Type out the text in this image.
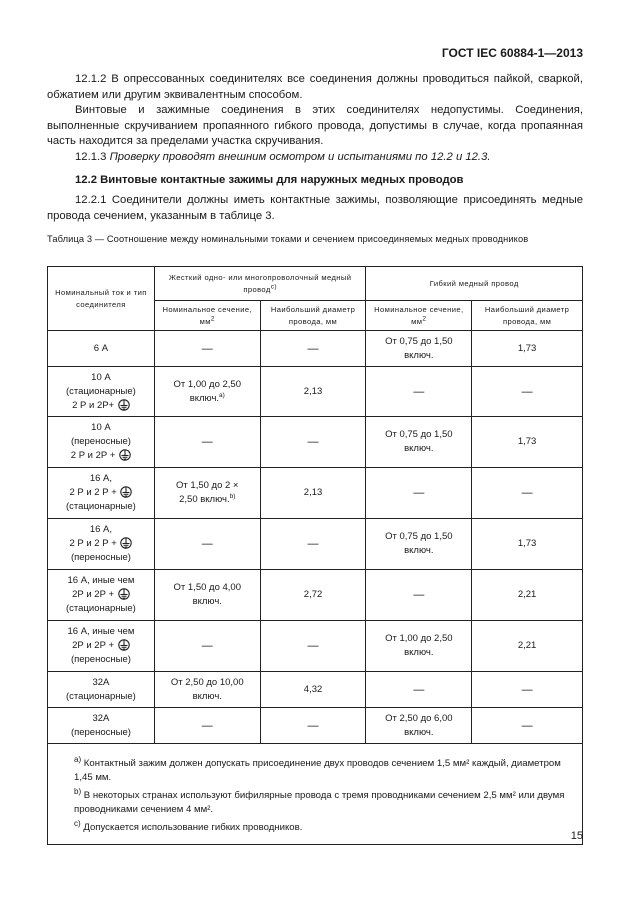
ГОСТ IEC 60884-1—2013
12.1.2 В опрессованных соединителях все соединения должны проводиться пайкой, сваркой, обжатием или другим эквивалентным способом.
Винтовые и зажимные соединения в этих соединителях недопустимы. Соединения, выполненные скручиванием пропаянного гибкого провода, допустимы в случае, когда пропаянная часть находится за пределами участка скручивания.
12.1.3 Проверку проводят внешним осмотром и испытаниями по 12.2 и 12.3.
12.2 Винтовые контактные зажимы для наружных медных проводов
12.2.1 Соединители должны иметь контактные зажимы, позволяющие присоединять медные провода сечением, указанным в таблице 3.
Таблица 3 — Соотношение между номинальными токами и сечением присоединяемых медных проводников
Номинальный ток и тип соединителя	Жесткий одно- или многопроволочный медный проводc)		Гибкий медный провод	
	Номинальное сечение, мм2	Наибольший диаметр провода, мм	Номинальное сечение, мм2	Наибольший диаметр провода, мм

6 А	—	—	От 0,75 до 1,50 включ.	1,73

10 А
(стационарные)
2 Р и 2Р+	От 1,00 до 2,50 включ.$^{a)}$	2,13	—	—

10 А
(переносные)
2 Р и 2Р +	—	—	От 0,75 до 1,50 включ.	1,73

16 А,
2 Р и 2 Р +
(стационарные)	От 1,50 до 2 × 2,50 включ.$^{b)}$	2,13	—	—

16 А,
2 Р и 2 Р +
(переносные)	—	—	От 0,75 до 1,50 включ.	1,73

16 А, иные чем
2Р и 2Р +
(стационарные)	От 1,50 до 4,00 включ.	2,72	—	2,21

16 А, иные чем
2Р и 2Р +
(переносные)	—	—	От 1,00 до 2,50 включ.	2,21

32А
(стационарные)	От 2,50 до 10,00 включ.	4,32	—	—

32А
(переносные)	—	—	От 2,50 до 6,00 включ.	—

$^{a)}$ Контактный зажим должен допускать присоединение двух проводов сечением 1,5 мм² каждый, диаметром 1,45 мм.
$^{b)}$ В некоторых странах используют бифилярные провода с тремя проводниками сечением 2,5 мм² или двумя проводниками сечением 4 мм².
$^{c)}$ Допускается использование гибких проводников.				
15
